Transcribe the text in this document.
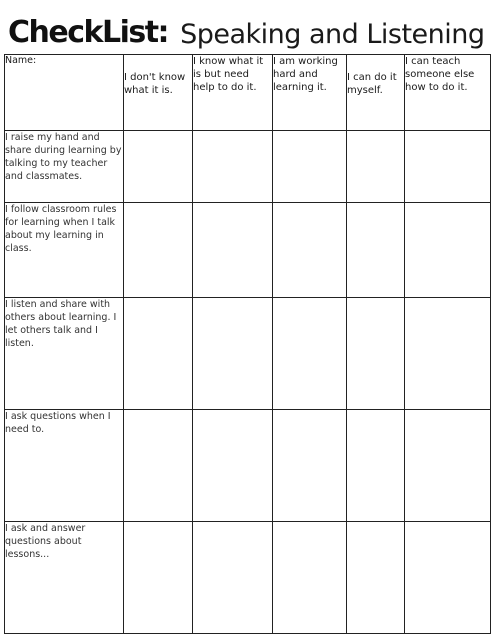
CheckList: Speaking and Listening
Name:	I don't know what it is.	I know what it is but need help to do it.	I am working hard and learning it.	I can do it myself.	I can teach someone else how to do it.

I raise my hand and share during learning by talking to my teacher and classmates.					
I follow classroom rules for learning when I talk about my learning in class.					
I listen and share with others about learning. I let others talk and I listen.					
I ask questions when I need to.					
I ask and answer questions about lessons...					
